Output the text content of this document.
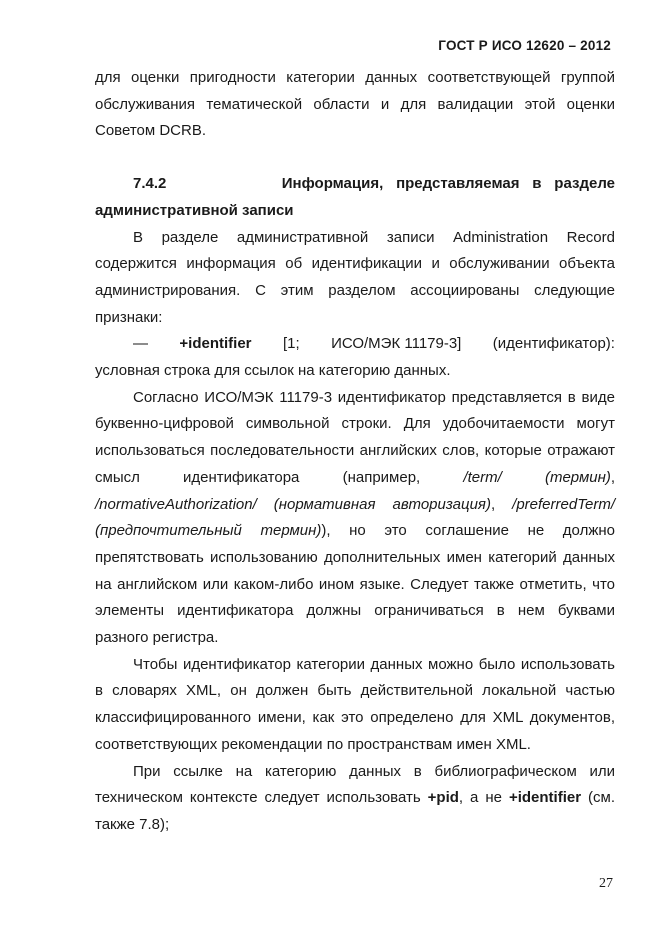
ГОСТ Р ИСО 12620 – 2012

для оценки пригодности категории данных соответствующей группой обслуживания тематической области и для валидации этой оценки Советом DCRB.

7.4.2	Информация, представляемая в разделе административной записи

В разделе административной записи Administration Record содержится информация об идентификации и обслуживании объекта администрирования. С этим разделом ассоциированы следующие признаки:

— +identifier [1; ИСО/МЭК 11179-3] (идентификатор):

условная строка для ссылок на категорию данных.

Согласно ИСО/МЭК 11179-3 идентификатор представляется в виде буквенно-цифровой символьной строки. Для удобочитаемости могут использоваться последовательности английских слов, которые отражают смысл идентификатора (например, /term/ (термин), /normativeAuthorization/ (нормативная авторизация), /preferredTerm/ (предпочтительный термин)), но это соглашение не должно препятствовать использованию дополнительных имен категорий данных на английском или каком-либо ином языке. Следует также отметить, что элементы идентификатора должны ограничиваться в нем буквами разного регистра.

Чтобы идентификатор категории данных можно было использовать в словарях XML, он должен быть действительной локальной частью классифицированного имени, как это определено для XML документов, соответствующих рекомендации по пространствам имен XML.

При ссылке на категорию данных в библиографическом или техническом контексте следует использовать +pid, а не +identifier (см. также 7.8);

27
